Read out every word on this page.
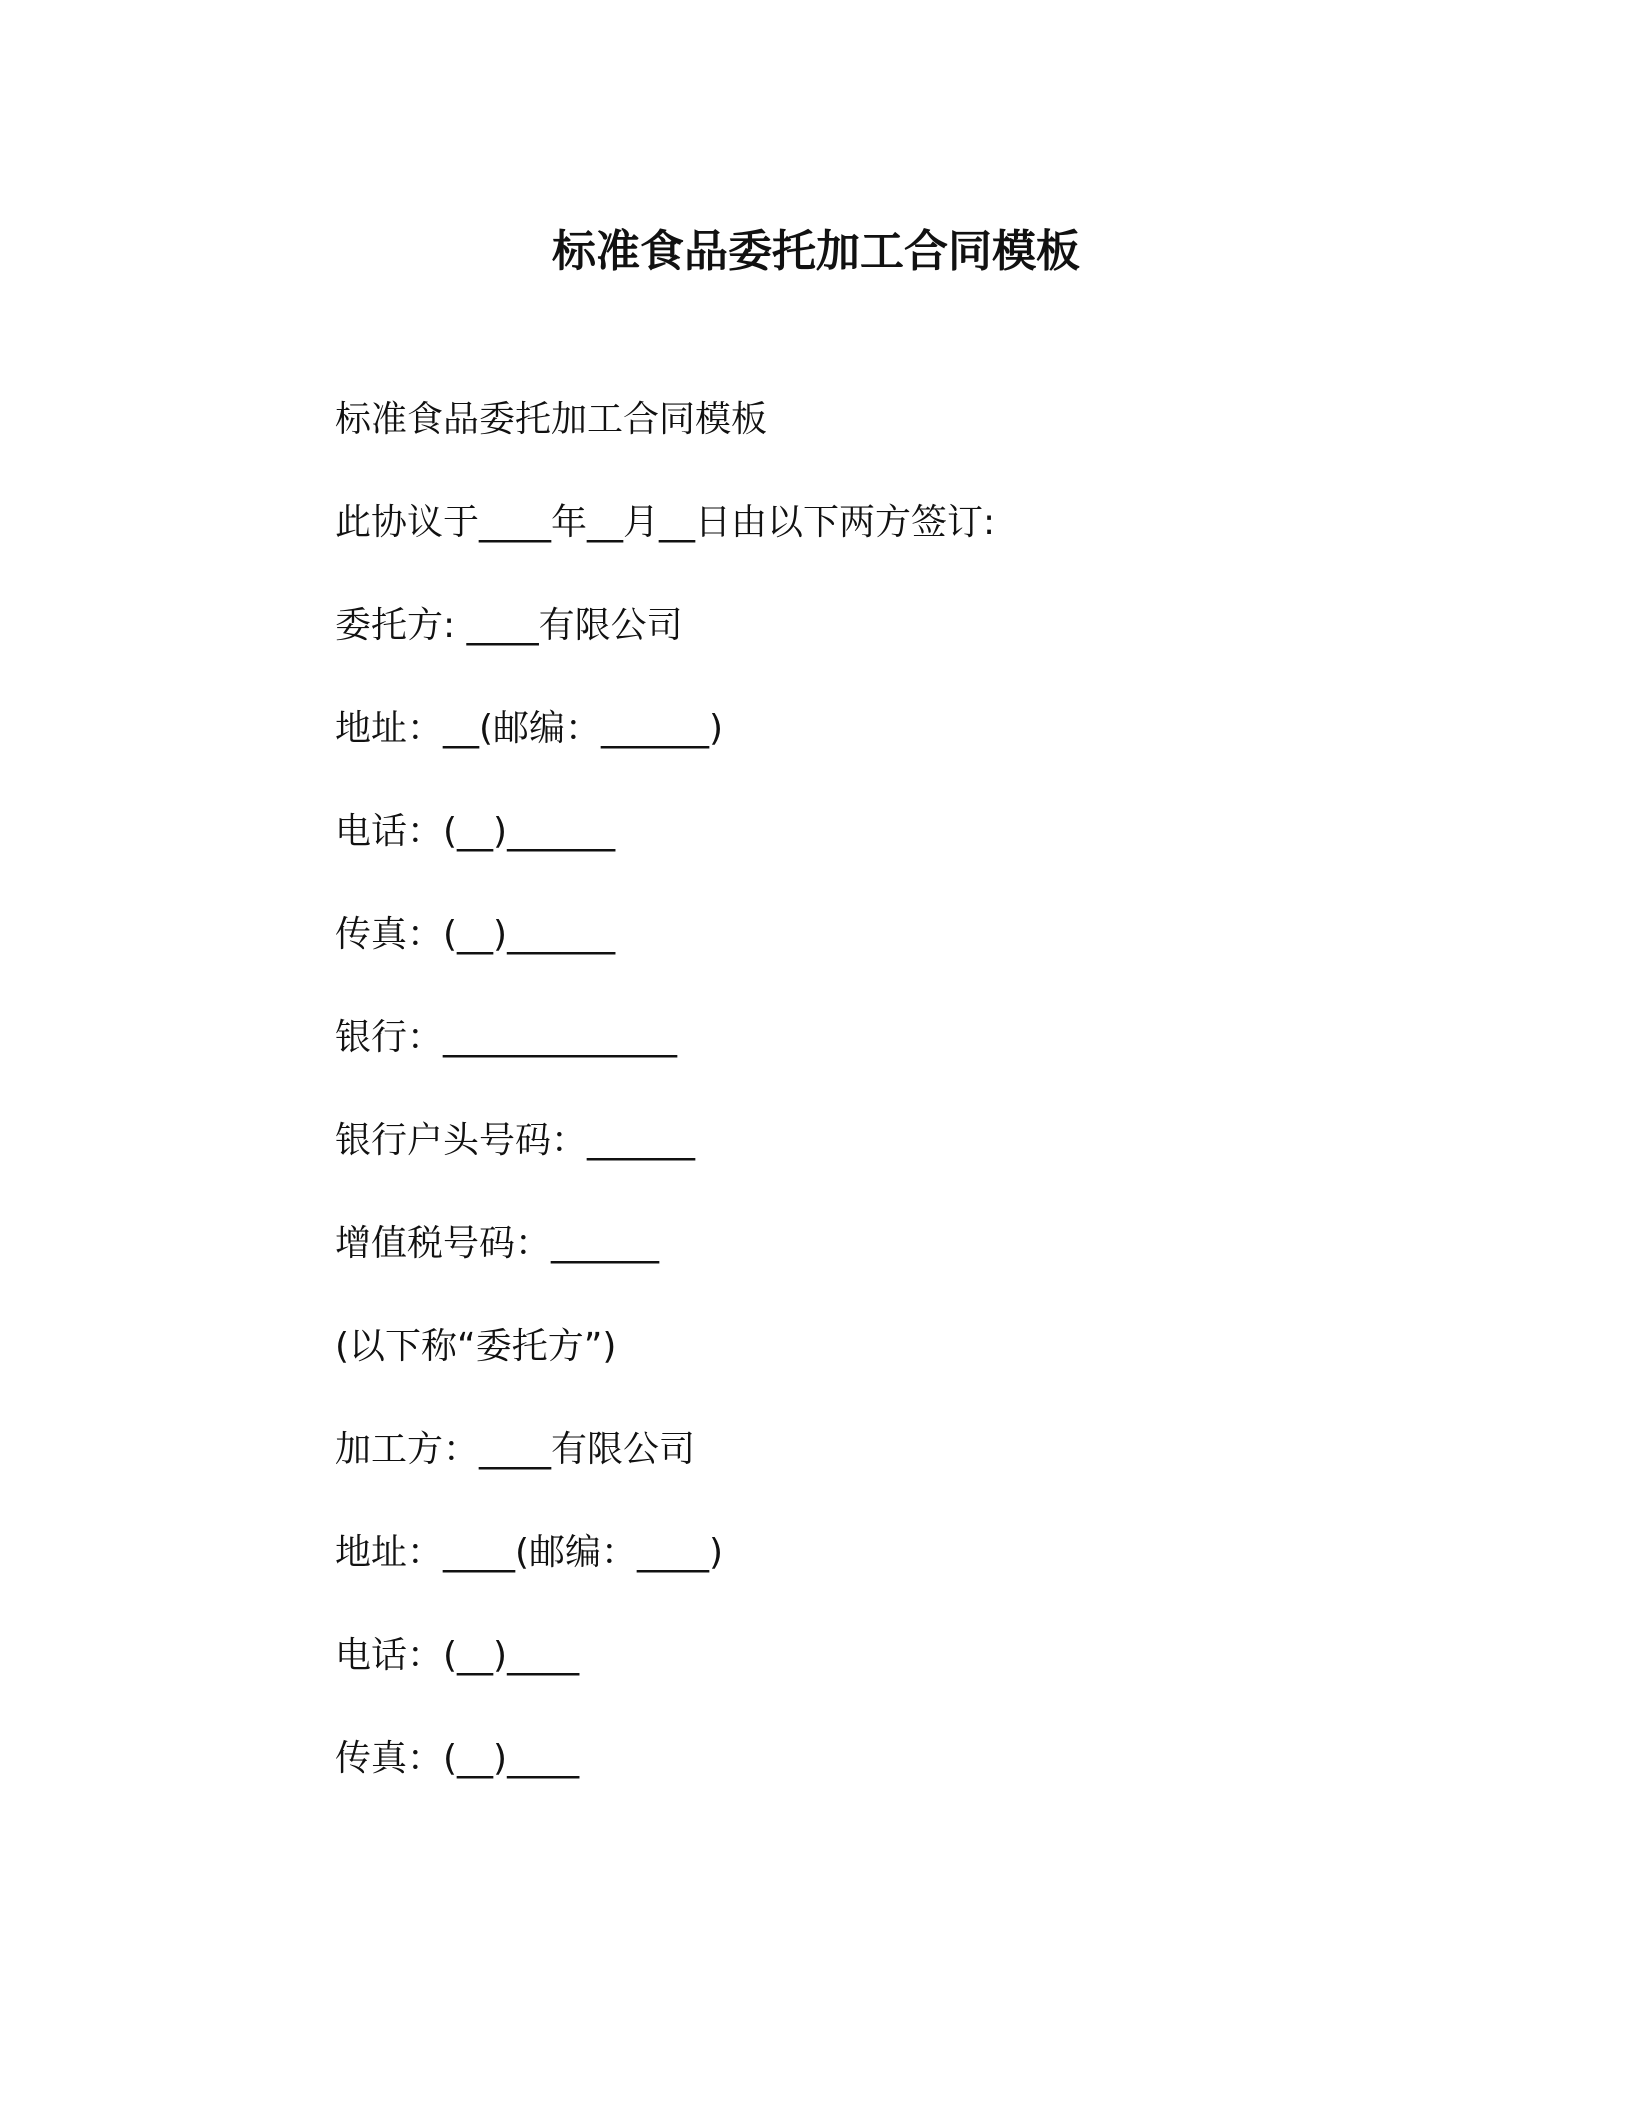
标准食品委托加工合同模板
标准食品委托加工合同模板
此协议于____年__月__日由以下两方签订:
委托方: ____有限公司
地址：__(邮编：______)
电话：(__)______
传真：(__)______
银行：_____________
银行户头号码：______
增值税号码：______
(以下称“委托方”)
加工方：____有限公司
地址：____(邮编：____)
电话：(__)____
传真：(__)____
